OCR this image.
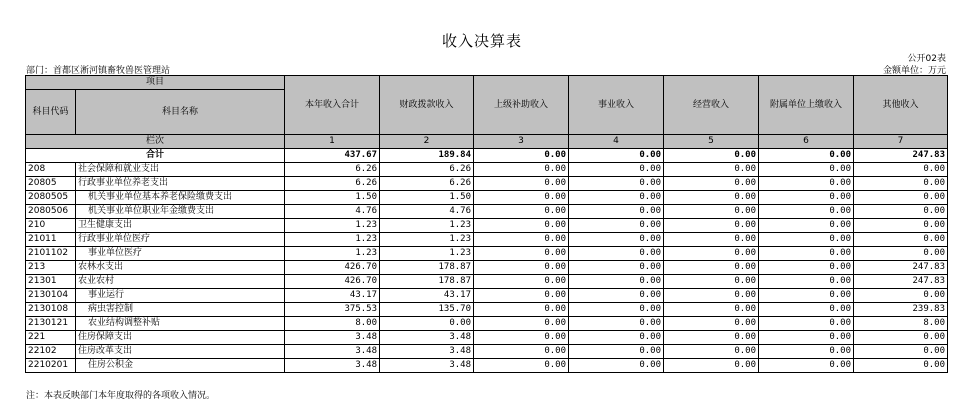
收入决算表
公开02表
部门：首都区淅河镇畜牧兽医管理站	金额单位：万元
项目		本年收入合计	财政拨款收入	上级补助收入	事业收入	经营收入	附属单位上缴收入	其他收入
科目代码	科目名称							
栏次		1	2	3	4	5	6	7
合计		437.67	189.84	0.00	0.00	0.00	0.00	247.83
208	社会保障和就业支出	6.26	6.26	0.00	0.00	0.00	0.00	0.00
20805	行政事业单位养老支出	6.26	6.26	0.00	0.00	0.00	0.00	0.00
2080505	机关事业单位基本养老保险缴费支出	1.50	1.50	0.00	0.00	0.00	0.00	0.00
2080506	机关事业单位职业年金缴费支出	4.76	4.76	0.00	0.00	0.00	0.00	0.00
210	卫生健康支出	1.23	1.23	0.00	0.00	0.00	0.00	0.00
21011	行政事业单位医疗	1.23	1.23	0.00	0.00	0.00	0.00	0.00
2101102	事业单位医疗	1.23	1.23	0.00	0.00	0.00	0.00	0.00
213	农林水支出	426.70	178.87	0.00	0.00	0.00	0.00	247.83
21301	农业农村	426.70	178.87	0.00	0.00	0.00	0.00	247.83
2130104	事业运行	43.17	43.17	0.00	0.00	0.00	0.00	0.00
2130108	病虫害控制	375.53	135.70	0.00	0.00	0.00	0.00	239.83
2130121	农业结构调整补贴	8.00	0.00	0.00	0.00	0.00	0.00	8.00
221	住房保障支出	3.48	3.48	0.00	0.00	0.00	0.00	0.00
22102	住房改革支出	3.48	3.48	0.00	0.00	0.00	0.00	0.00
2210201	住房公积金	3.48	3.48	0.00	0.00	0.00	0.00	0.00
注：本表反映部门本年度取得的各项收入情况。
